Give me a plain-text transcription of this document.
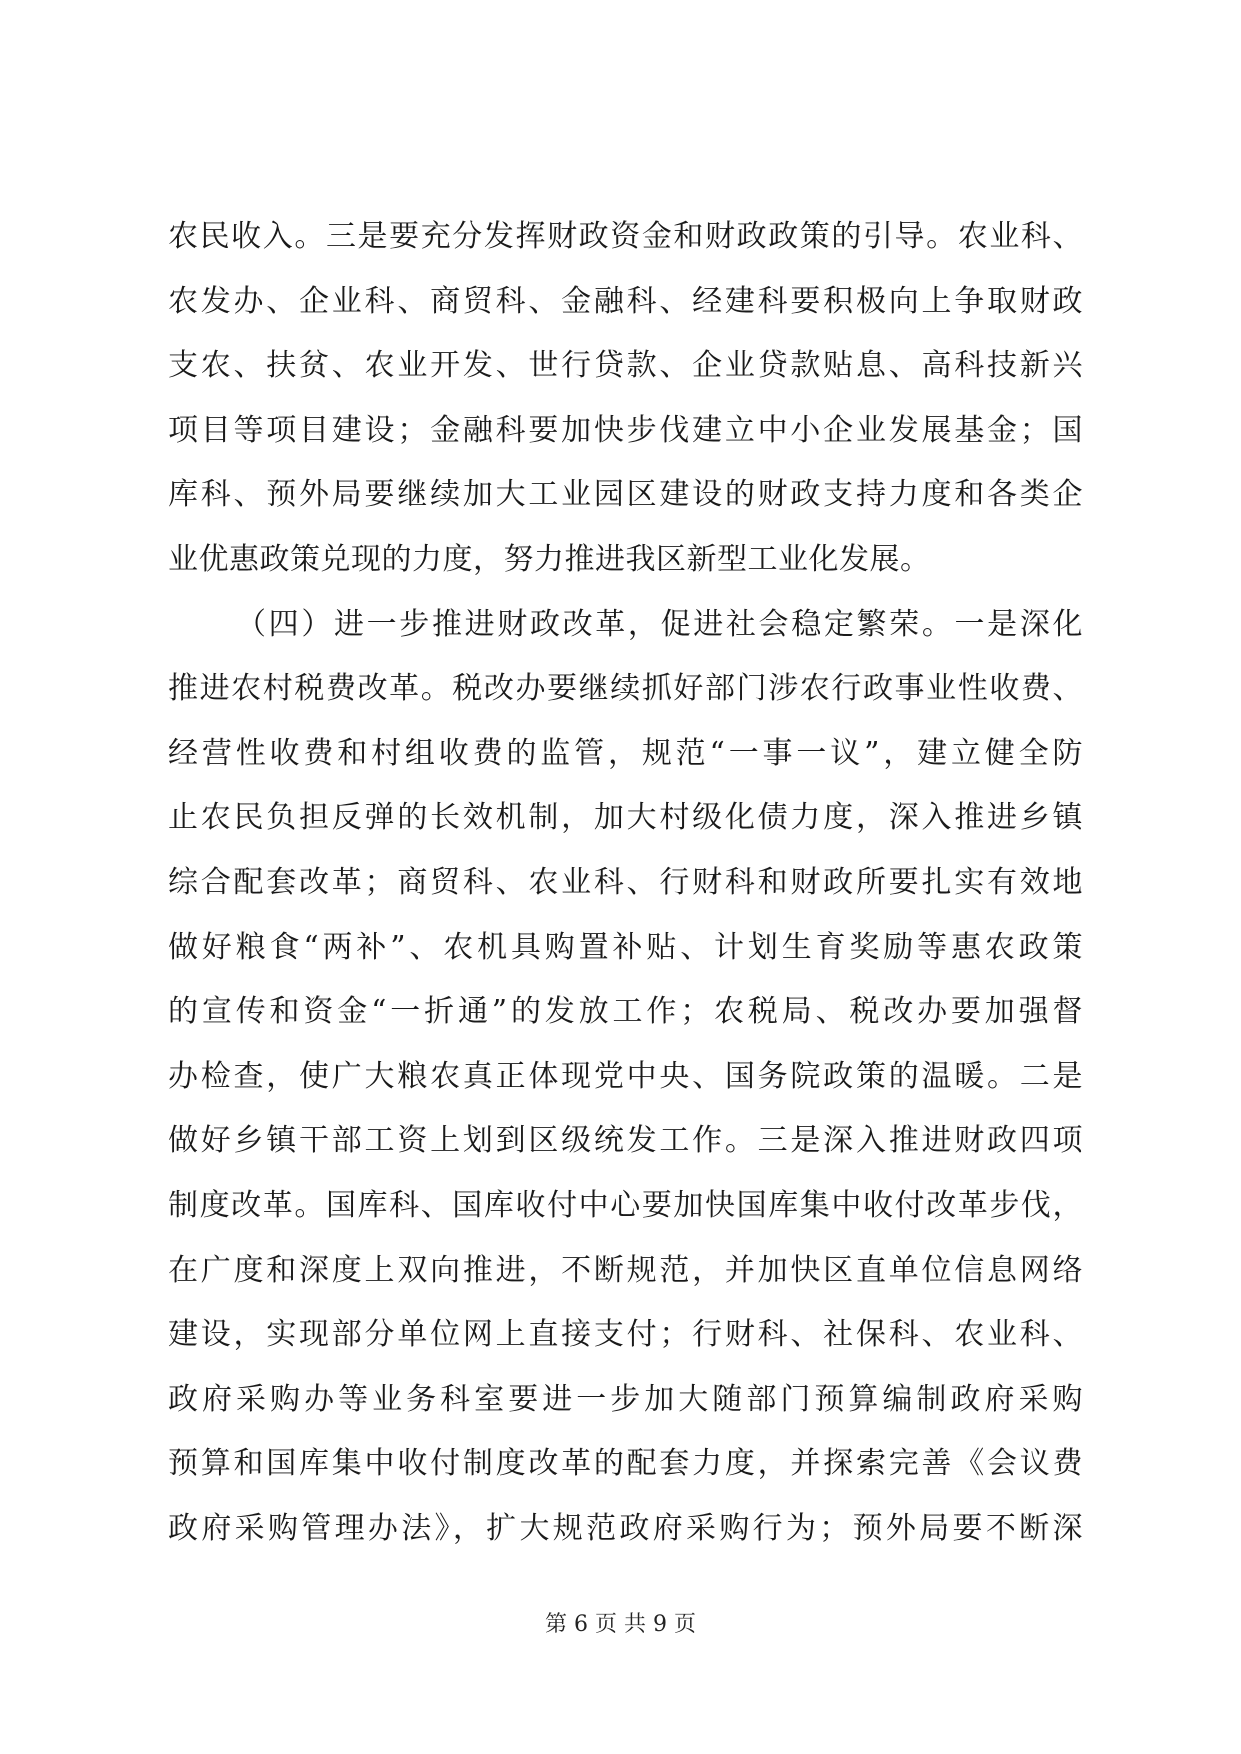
农民收入。三是要充分发挥财政资金和财政政策的引导。农业科、
农发办、企业科、商贸科、金融科、经建科要积极向上争取财政
支农、扶贫、农业开发、世行贷款、企业贷款贴息、高科技新兴
项目等项目建设；金融科要加快步伐建立中小企业发展基金；国
库科、预外局要继续加大工业园区建设的财政支持力度和各类企
业优惠政策兑现的力度，努力推进我区新型工业化发展。
（四）进一步推进财政改革，促进社会稳定繁荣。一是深化
推进农村税费改革。税改办要继续抓好部门涉农行政事业性收费、
经营性收费和村组收费的监管，规范“一事一议”，建立健全防
止农民负担反弹的长效机制，加大村级化债力度，深入推进乡镇
综合配套改革；商贸科、农业科、行财科和财政所要扎实有效地
做好粮食“两补”、农机具购置补贴、计划生育奖励等惠农政策
的宣传和资金“一折通”的发放工作；农税局、税改办要加强督
办检查，使广大粮农真正体现党中央、国务院政策的温暖。二是
做好乡镇干部工资上划到区级统发工作。三是深入推进财政四项
制度改革。国库科、国库收付中心要加快国库集中收付改革步伐，
在广度和深度上双向推进，不断规范，并加快区直单位信息网络
建设，实现部分单位网上直接支付；行财科、社保科、农业科、
政府采购办等业务科室要进一步加大随部门预算编制政府采购
预算和国库集中收付制度改革的配套力度，并探索完善《会议费
政府采购管理办法》，扩大规范政府采购行为；预外局要不断深
第 6 页 共 9 页
